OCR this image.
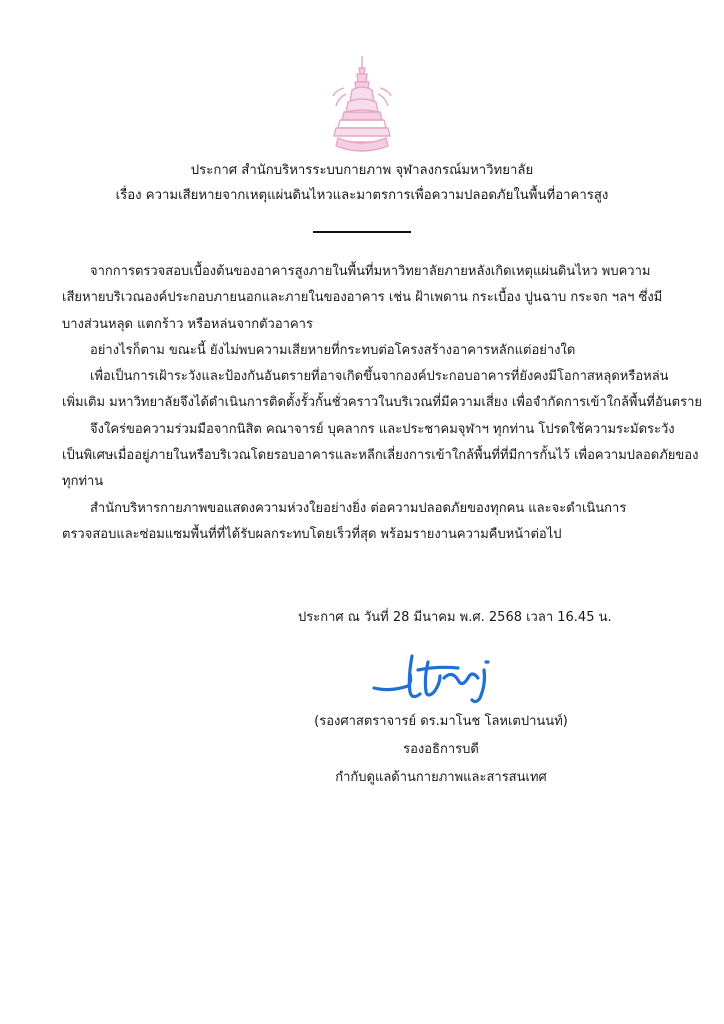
ประกาศ สำนักบริหารระบบกายภาพ จุฬาลงกรณ์มหาวิทยาลัย
เรื่อง ความเสียหายจากเหตุแผ่นดินไหวและมาตรการเพื่อความปลอดภัยในพื้นที่อาคารสูง

จากการตรวจสอบเบื้องต้นของอาคารสูงภายในพื้นที่มหาวิทยาลัยภายหลังเกิดเหตุแผ่นดินไหว พบความ
เสียหายบริเวณองค์ประกอบภายนอกและภายในของอาคาร เช่น ฝ้าเพดาน กระเบื้อง ปูนฉาบ กระจก ฯลฯ ซึ่งมี
บางส่วนหลุด แตกร้าว หรือหล่นจากตัวอาคาร

อย่างไรก็ตาม ขณะนี้ ยังไม่พบความเสียหายที่กระทบต่อโครงสร้างอาคารหลักแต่อย่างใด

เพื่อเป็นการเฝ้าระวังและป้องกันอันตรายที่อาจเกิดขึ้นจากองค์ประกอบอาคารที่ยังคงมีโอกาสหลุดหรือหล่น
เพิ่มเติม มหาวิทยาลัยจึงได้ดำเนินการติดตั้งรั้วกั้นชั่วคราวในบริเวณที่มีความเสี่ยง เพื่อจำกัดการเข้าใกล้พื้นที่อันตราย

จึงใคร่ขอความร่วมมือจากนิสิต คณาจารย์ บุคลากร และประชาคมจุฬาฯ ทุกท่าน โปรดใช้ความระมัดระวัง
เป็นพิเศษเมื่ออยู่ภายในหรือบริเวณโดยรอบอาคารและหลีกเลี่ยงการเข้าใกล้พื้นที่ที่มีการกั้นไว้ เพื่อความปลอดภัยของ
ทุกท่าน

สำนักบริหารกายภาพขอแสดงความห่วงใยอย่างยิ่ง ต่อความปลอดภัยของทุกคน และจะดำเนินการ
ตรวจสอบและซ่อมแซมพื้นที่ที่ได้รับผลกระทบโดยเร็วที่สุด พร้อมรายงานความคืบหน้าต่อไป

ประกาศ ณ วันที่ 28 มีนาคม พ.ศ. 2568 เวลา 16.45 น.
(รองศาสตราจารย์ ดร.มาโนช โลหเตปานนท์)
รองอธิการบดี
กำกับดูแลด้านกายภาพและสารสนเทศ
